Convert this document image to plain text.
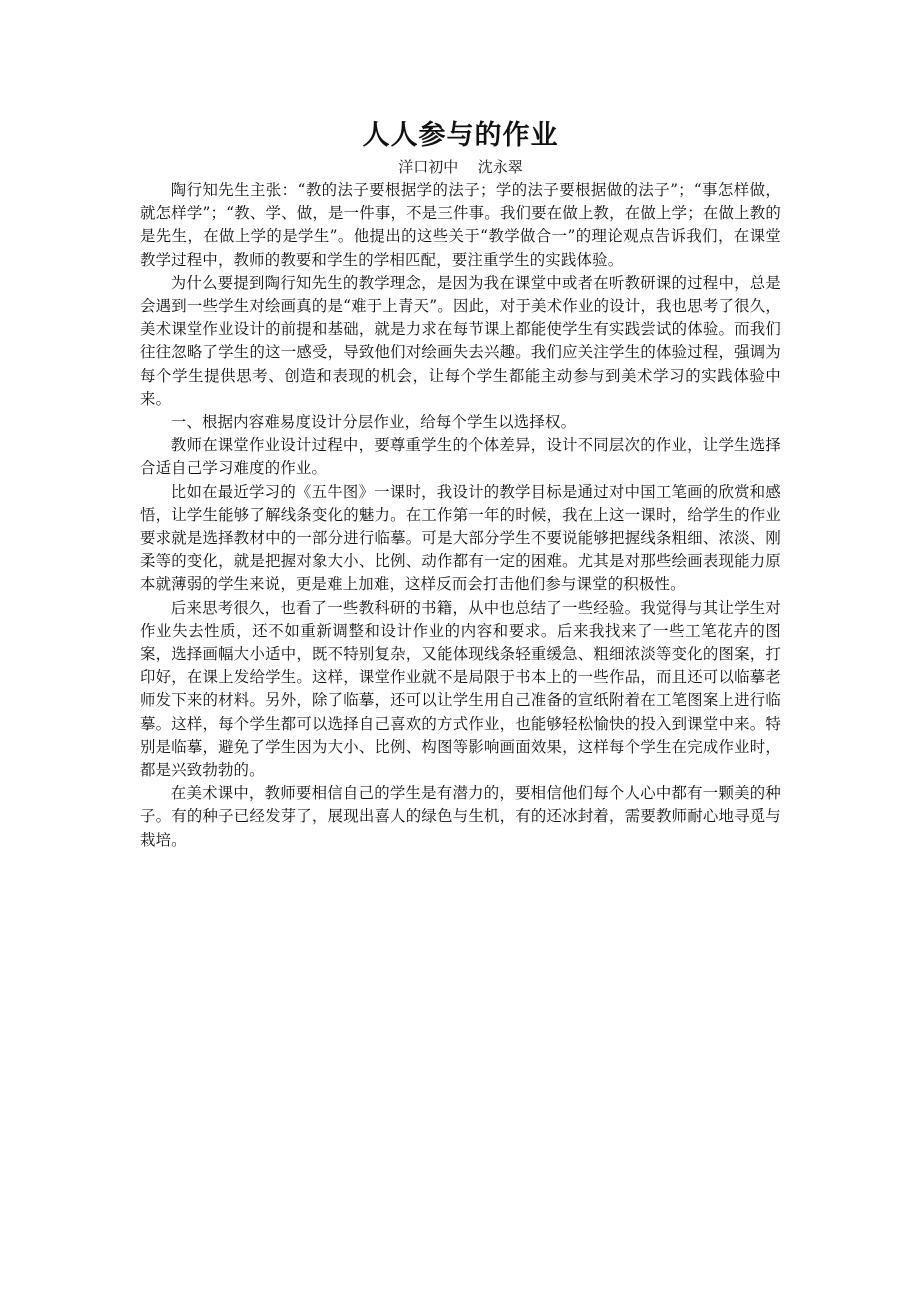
人人参与的作业
洋口初中 沈永翠

陶行知先生主张：“教的法子要根据学的法子；学的法子要根据做的法子”；“事怎样做，就怎样学”；“教、学、做，是一件事，不是三件事。我们要在做上教，在做上学；在做上教的是先生，在做上学的是学生”。他提出的这些关于“教学做合一”的理论观点告诉我们，在课堂教学过程中，教师的教要和学生的学相匹配，要注重学生的实践体验。

为什么要提到陶行知先生的教学理念，是因为我在课堂中或者在听教研课的过程中，总是会遇到一些学生对绘画真的是“难于上青天”。因此，对于美术作业的设计，我也思考了很久，美术课堂作业设计的前提和基础，就是力求在每节课上都能使学生有实践尝试的体验。而我们往往忽略了学生的这一感受，导致他们对绘画失去兴趣。我们应关注学生的体验过程，强调为每个学生提供思考、创造和表现的机会，让每个学生都能主动参与到美术学习的实践体验中来。

一、根据内容难易度设计分层作业，给每个学生以选择权。

教师在课堂作业设计过程中，要尊重学生的个体差异，设计不同层次的作业，让学生选择合适自己学习难度的作业。

比如在最近学习的《五牛图》一课时，我设计的教学目标是通过对中国工笔画的欣赏和感悟，让学生能够了解线条变化的魅力。在工作第一年的时候，我在上这一课时，给学生的作业要求就是选择教材中的一部分进行临摹。可是大部分学生不要说能够把握线条粗细、浓淡、刚柔等的变化，就是把握对象大小、比例、动作都有一定的困难。尤其是对那些绘画表现能力原本就薄弱的学生来说，更是难上加难，这样反而会打击他们参与课堂的积极性。

后来思考很久，也看了一些教科研的书籍，从中也总结了一些经验。我觉得与其让学生对作业失去性质，还不如重新调整和设计作业的内容和要求。后来我找来了一些工笔花卉的图案，选择画幅大小适中，既不特别复杂，又能体现线条轻重缓急、粗细浓淡等变化的图案，打印好，在课上发给学生。这样，课堂作业就不是局限于书本上的一些作品，而且还可以临摹老师发下来的材料。另外，除了临摹，还可以让学生用自己准备的宣纸附着在工笔图案上进行临摹。这样，每个学生都可以选择自己喜欢的方式作业，也能够轻松愉快的投入到课堂中来。特别是临摹，避免了学生因为大小、比例、构图等影响画面效果，这样每个学生在完成作业时，都是兴致勃勃的。

在美术课中，教师要相信自己的学生是有潜力的，要相信他们每个人心中都有一颗美的种子。有的种子已经发芽了，展现出喜人的绿色与生机，有的还冰封着，需要教师耐心地寻觅与栽培。
